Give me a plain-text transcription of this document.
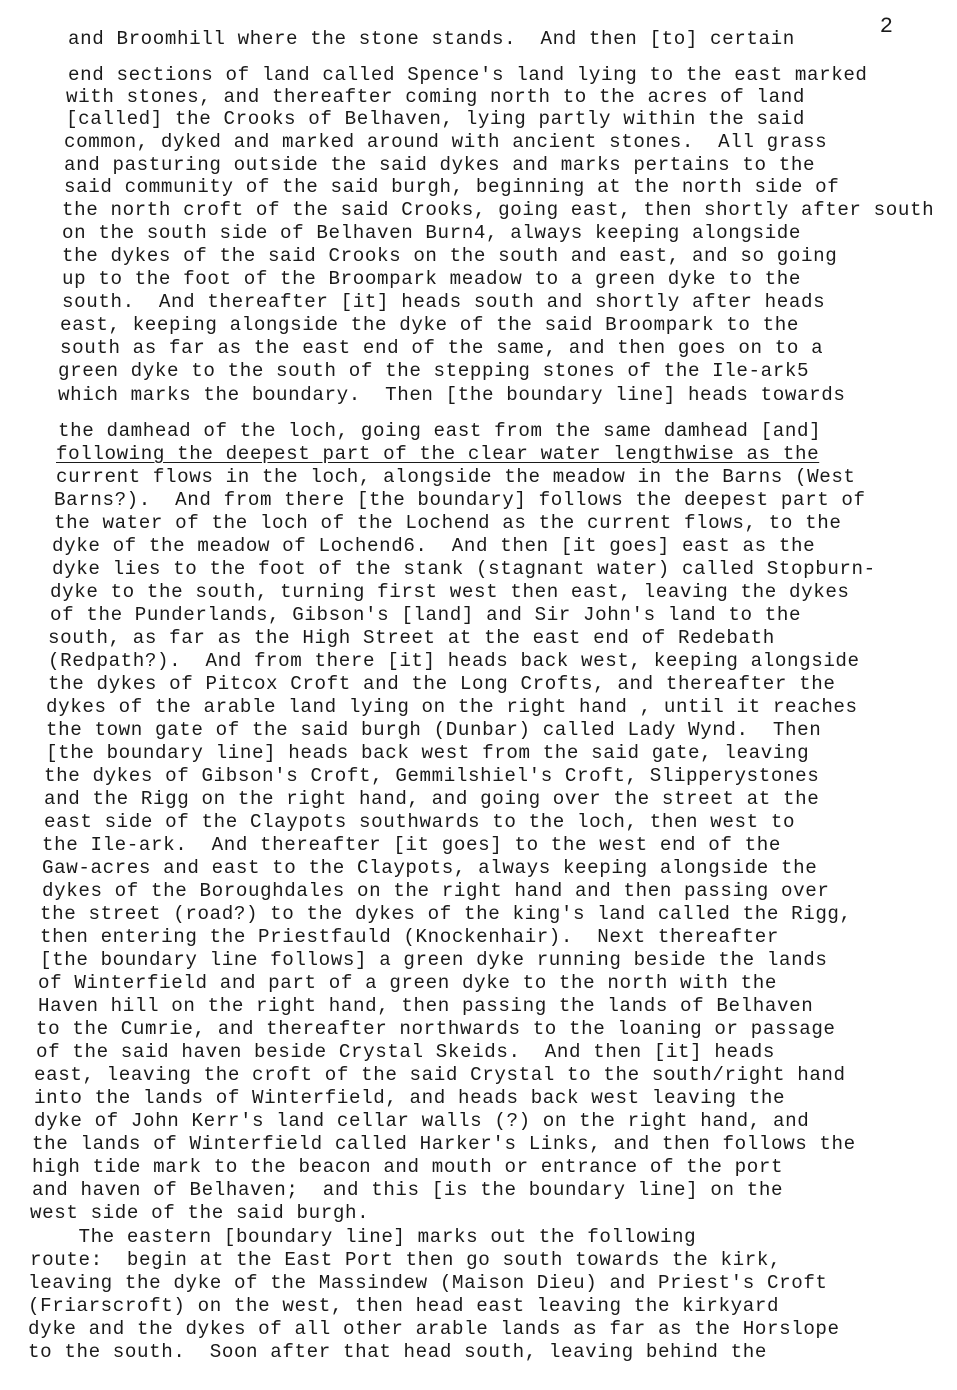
2
and Broomhill where the stone stands.  And then [to] certain
end sections of land called Spence's land lying to the east marked
with stones, and thereafter coming north to the acres of land
[called] the Crooks of Belhaven, lying partly within the said
common, dyked and marked around with ancient stones.  All grass
and pasturing outside the said dykes and marks pertains to the
said community of the said burgh, beginning at the north side of
the north croft of the said Crooks, going east, then shortly after south
on the south side of Belhaven Burn4, always keeping alongside
the dykes of the said Crooks on the south and east, and so going
up to the foot of the Broompark meadow to a green dyke to the
south.  And thereafter [it] heads south and shortly after heads
east, keeping alongside the dyke of the said Broompark to the
south as far as the east end of the same, and then goes on to a
green dyke to the south of the stepping stones of the Ile-ark5
which marks the boundary.  Then [the boundary line] heads towards
the damhead of the loch, going east from the same damhead [and]
following the deepest part of the clear water lengthwise as the
current flows in the loch, alongside the meadow in the Barns (West
Barns?).  And from there [the boundary] follows the deepest part of
the water of the loch of the Lochend as the current flows, to the
dyke of the meadow of Lochend6.  And then [it goes] east as the
dyke lies to the foot of the stank (stagnant water) called Stopburn-
dyke to the south, turning first west then east, leaving the dykes
of the Punderlands, Gibson's [land] and Sir John's land to the
south, as far as the High Street at the east end of Redebath
(Redpath?).  And from there [it] heads back west, keeping alongside
the dykes of Pitcox Croft and the Long Crofts, and thereafter the
dykes of the arable land lying on the right hand , until it reaches
the town gate of the said burgh (Dunbar) called Lady Wynd.  Then
[the boundary line] heads back west from the said gate, leaving
the dykes of Gibson's Croft, Gemmilshiel's Croft, Slipperystones
and the Rigg on the right hand, and going over the street at the
east side of the Claypots southwards to the loch, then west to
the Ile-ark.  And thereafter [it goes] to the west end of the
Gaw-acres and east to the Claypots, always keeping alongside the
dykes of the Boroughdales on the right hand and then passing over
the street (road?) to the dykes of the king's land called the Rigg,
then entering the Priestfauld (Knockenhair).  Next thereafter
[the boundary line follows] a green dyke running beside the lands
of Winterfield and part of a green dyke to the north with the
Haven hill on the right hand, then passing the lands of Belhaven
to the Cumrie, and thereafter northwards to the loaning or passage
of the said haven beside Crystal Skeids.  And then [it] heads
east, leaving the croft of the said Crystal to the south/right hand
into the lands of Winterfield, and heads back west leaving the
dyke of John Kerr's land cellar walls (?) on the right hand, and
the lands of Winterfield called Harker's Links, and then follows the
high tide mark to the beacon and mouth or entrance of the port
and haven of Belhaven;  and this [is the boundary line] on the
west side of the said burgh.
The eastern [boundary line] marks out the following
route:  begin at the East Port then go south towards the kirk,
leaving the dyke of the Massindew (Maison Dieu) and Priest's Croft
(Friarscroft) on the west, then head east leaving the kirkyard
dyke and the dykes of all other arable lands as far as the Horslope
to the south.  Soon after that head south, leaving behind the
